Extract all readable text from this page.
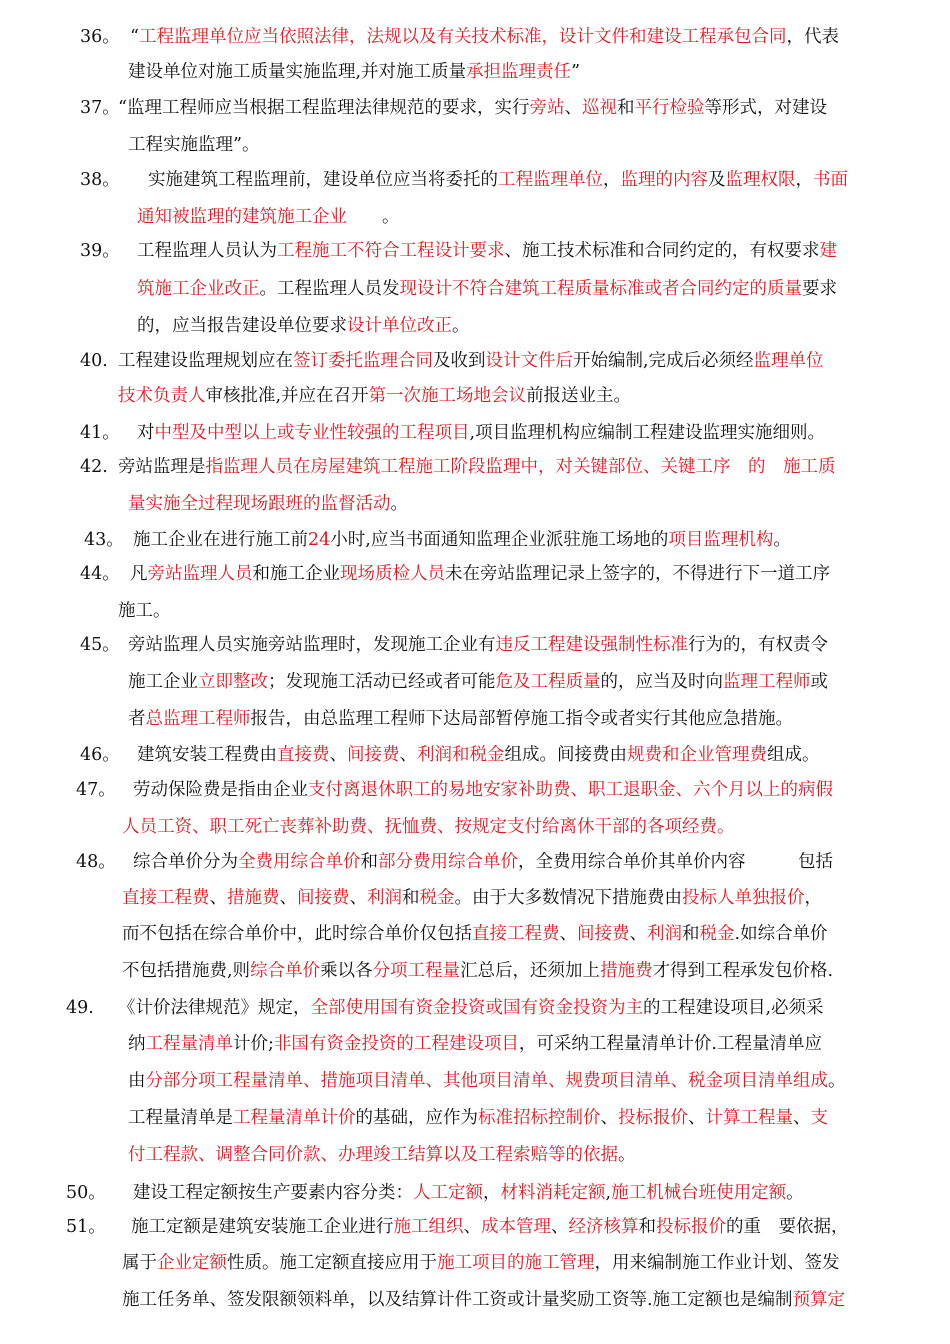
36。 “工程监理单位应当依照法律，法规以及有关技术标准，设计文件和建设工程承包合同，代表
建设单位对施工质量实施监理,并对施工质量承担监理责任”
37。
“监理工程师应当根据工程监理法律规范的要求，实行旁站、巡视和平行检验等形式，对建设
工程实施监理”。
38。 实施建筑工程监理前，建设单位应当将委托的工程监理单位，监理的内容及监理权限，书面
通知被监理的建筑施工企业　　。
39。 工程监理人员认为工程施工不符合工程设计要求、施工技术标准和合同约定的，有权要求建
筑施工企业改正。工程监理人员发现设计不符合建筑工程质量标准或者合同约定的质量要求
的，应当报告建设单位要求设计单位改正。
40. 工程建设监理规划应在签订委托监理合同及收到设计文件后开始编制,完成后必须经监理单位
技术负责人审核批准,并应在召开第一次施工场地会议前报送业主。
41。 对中型及中型以上或专业性较强的工程项目,项目监理机构应编制工程建设监理实施细则。
42. 旁站监理是指监理人员在房屋建筑工程施工阶段监理中，对关键部位、关键工序　的　施工质
量实施全过程现场跟班的监督活动。
43。 施工企业在进行施工前24小时,应当书面通知监理企业派驻施工场地的项目监理机构。
44。 凡旁站监理人员和施工企业现场质检人员未在旁站监理记录上签字的，不得进行下一道工序
施工。
45。 旁站监理人员实施旁站监理时，发现施工企业有违反工程建设强制性标准行为的，有权责令
施工企业立即整改；发现施工活动已经或者可能危及工程质量的，应当及时向监理工程师或
者总监理工程师报告，由总监理工程师下达局部暂停施工指令或者实行其他应急措施。
46。 建筑安装工程费由直接费、间接费、利润和税金组成。间接费由规费和企业管理费组成。
47。 劳动保险费是指由企业支付离退休职工的易地安家补助费、职工退职金、六个月以上的病假
人员工资、职工死亡丧葬补助费、抚恤费、按规定支付给离休干部的各项经费。
48。 综合单价分为全费用综合单价和部分费用综合单价，全费用综合单价其单价内容　　　包括
直接工程费、措施费、间接费、利润和税金。由于大多数情况下措施费由投标人单独报价，
而不包括在综合单价中，此时综合单价仅包括直接工程费、间接费、利润和税金.如综合单价
不包括措施费,则综合单价乘以各分项工程量汇总后，还须加上措施费才得到工程承发包价格.
49. 《计价法律规范》规定，全部使用国有资金投资或国有资金投资为主的工程建设项目,必须采
纳工程量清单计价;非国有资金投资的工程建设项目，可采纳工程量清单计价.工程量清单应
由分部分项工程量清单、措施项目清单、其他项目清单、规费项目清单、税金项目清单组成。
工程量清单是工程量清单计价的基础，应作为标准招标控制价、投标报价、计算工程量、支
付工程款、调整合同价款、办理竣工结算以及工程索赔等的依据。
50。 建设工程定额按生产要素内容分类：人工定额，材料消耗定额,施工机械台班使用定额。
51。 施工定额是建筑安装施工企业进行施工组织、成本管理、经济核算和投标报价的重　要依据，
属于企业定额性质。施工定额直接应用于施工项目的施工管理，用来编制施工作业计划、签发
施工任务单、签发限额领料单，以及结算计件工资或计量奖励工资等.施工定额也是编制预算定
